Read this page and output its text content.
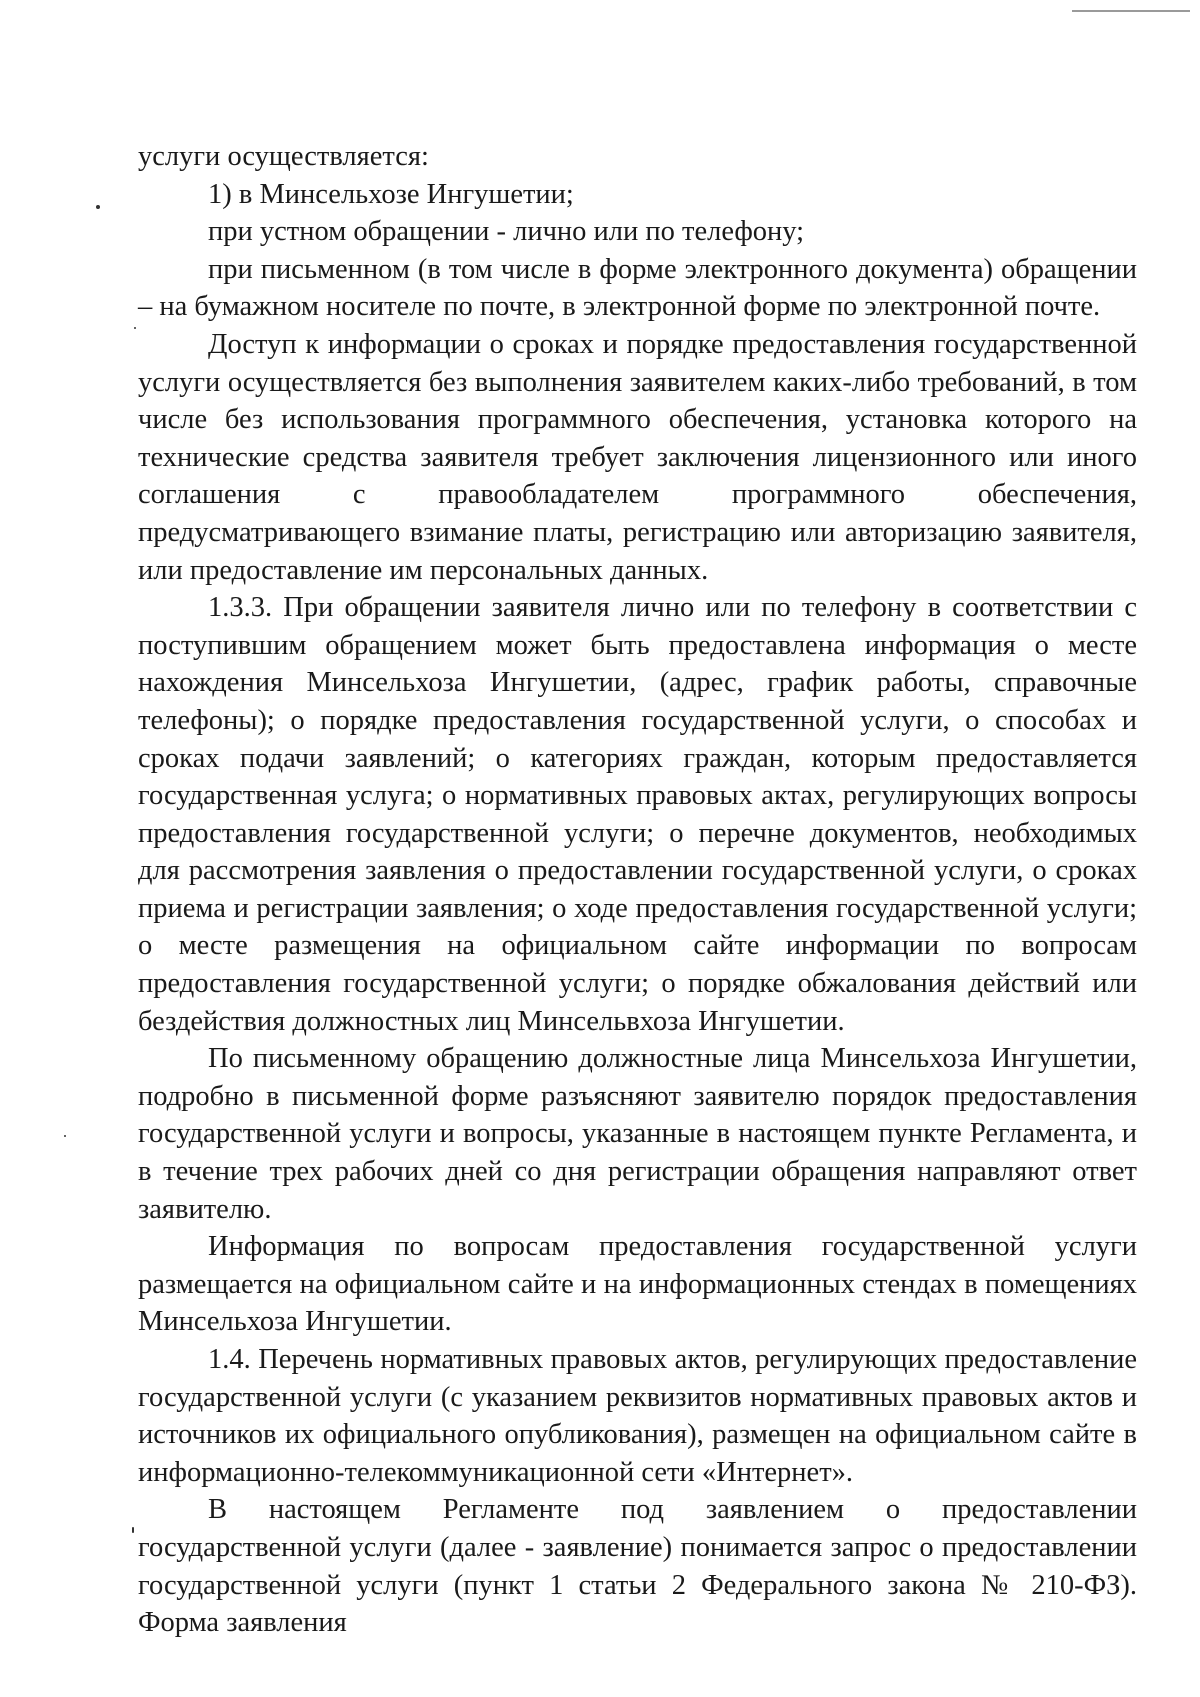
услуги осуществляется:

1) в Минсельхозе Ингушетии;

при устном обращении - лично или по телефону;

при письменном (в том числе в форме электронного документа) обращении – на бумажном носителе по почте, в электронной форме по электронной почте.

Доступ к информации о сроках и порядке предоставления государственной услуги осуществляется без выполнения заявителем каких-либо требований, в том числе без использования программного обеспечения, установка которого на технические средства заявителя требует заключения лицензионного или иного соглашения с правообладателем программного обеспечения, предусматривающего взимание платы, регистрацию или авторизацию заявителя, или предоставление им персональных данных.

1.3.3. При обращении заявителя лично или по телефону в соответствии с поступившим обращением может быть предоставлена информация о месте нахождения Минсельхоза Ингушетии, (адрес, график работы, справочные телефоны); о порядке предоставления государственной услуги, о способах и сроках подачи заявлений; о категориях граждан, которым предоставляется государственная услуга; о нормативных правовых актах, регулирующих вопросы предоставления государственной услуги; о перечне документов, необходимых для рассмотрения заявления о предоставлении государственной услуги, о сроках приема и регистрации заявления; о ходе предоставления государственной услуги; о месте размещения на официальном сайте информации по вопросам предоставления государственной услуги; о порядке обжалования действий или бездействия должностных лиц Минсельвхоза Ингушетии.

По письменному обращению должностные лица Минсельхоза Ингушетии, подробно в письменной форме разъясняют заявителю порядок предоставления государственной услуги и вопросы, указанные в настоящем пункте Регламента, и в течение трех рабочих дней со дня регистрации обращения направляют ответ заявителю.

Информация по вопросам предоставления государственной услуги размещается на официальном сайте и на информационных стендах в помещениях Минсельхоза Ингушетии.

1.4. Перечень нормативных правовых актов, регулирующих предоставление государственной услуги (с указанием реквизитов нормативных правовых актов и источников их официального опубликования), размещен на официальном сайте в информационно-телекоммуникационной сети «Интернет».

В настоящем Регламенте под заявлением о предоставлении государственной услуги (далее - заявление) понимается запрос о предоставлении государственной услуги (пункт 1 статьи 2 Федерального закона № 210-ФЗ). Форма заявления
